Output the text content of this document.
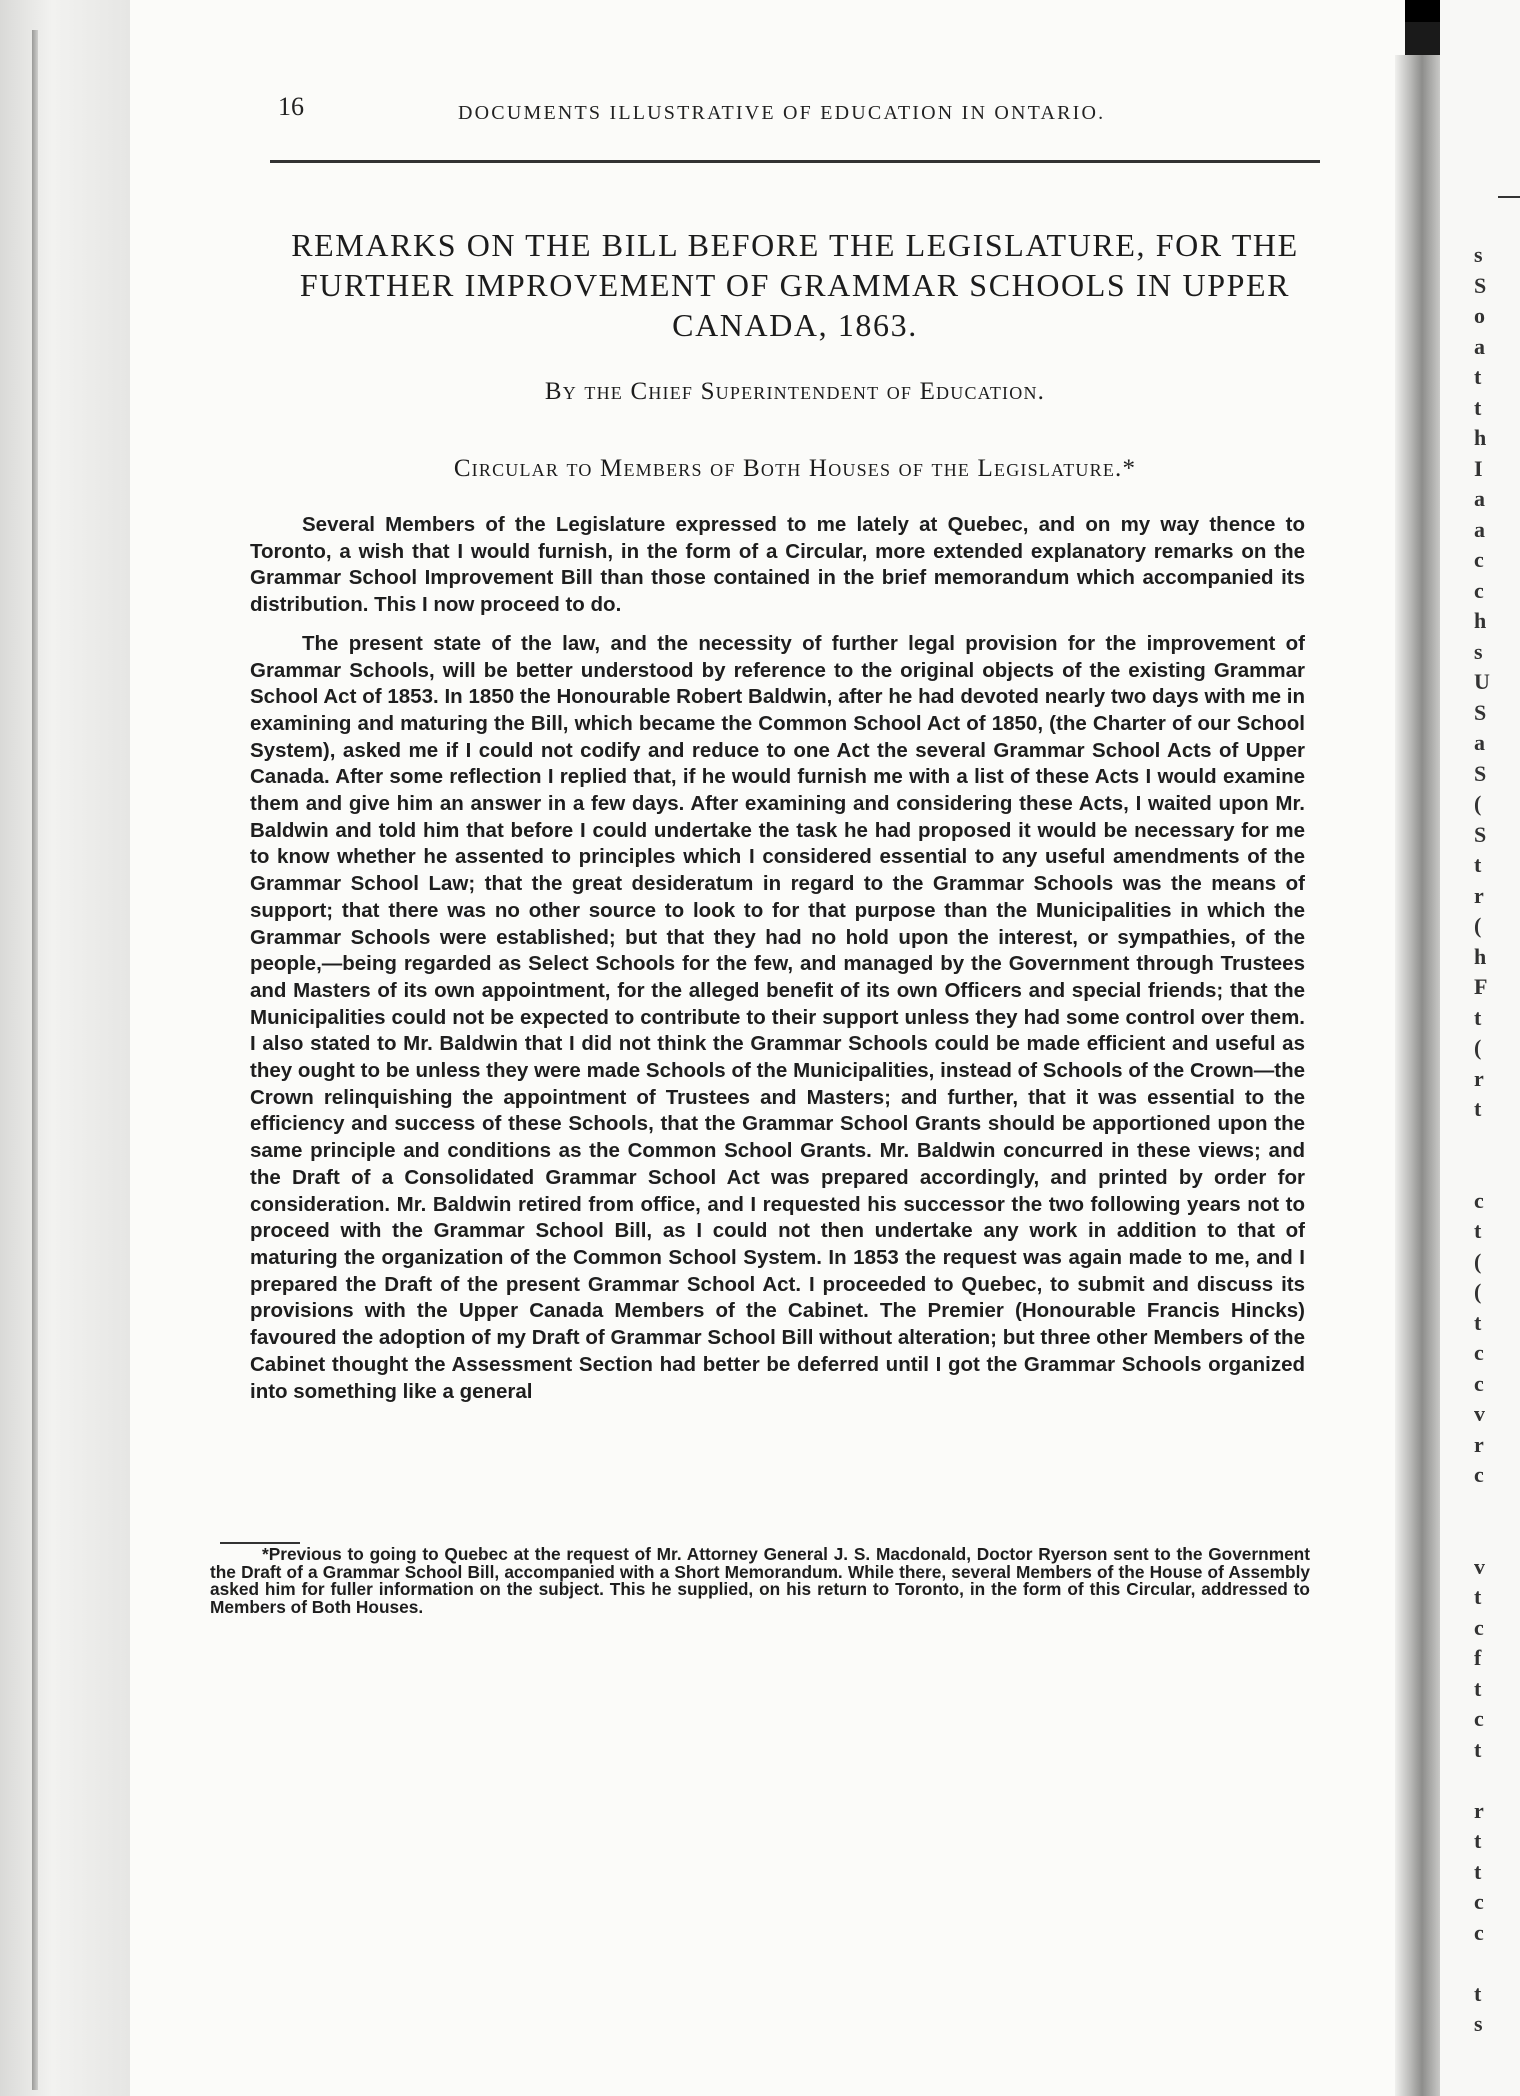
s
S
o
a
t
t
h
I
a
a
c
c
h
s
U
S
a
S
(
S
t
r
(
h
F
t
(
r
t

c
t
(
(
t
c
c
v
r
c

v
t
c
f
t
c
t

r
t
t
c
c

t
s
16	DOCUMENTS ILLUSTRATIVE OF EDUCATION IN ONTARIO.
REMARKS ON THE BILL BEFORE THE LEGISLATURE, FOR THE FURTHER IMPROVEMENT OF GRAMMAR SCHOOLS IN UPPER CANADA, 1863.
By the Chief Superintendent of Education.
Circular to Members of Both Houses of the Legislature.*

Several Members of the Legislature expressed to me lately at Quebec, and on my way thence to Toronto, a wish that I would furnish, in the form of a Circular, more extended explanatory remarks on the Grammar School Improvement Bill than those contained in the brief memorandum which accompanied its distribution. This I now proceed to do.

The present state of the law, and the necessity of further legal provision for the improvement of Grammar Schools, will be better understood by reference to the original objects of the existing Grammar School Act of 1853. In 1850 the Honourable Robert Baldwin, after he had devoted nearly two days with me in examining and maturing the Bill, which became the Common School Act of 1850, (the Charter of our School System), asked me if I could not codify and reduce to one Act the several Grammar School Acts of Upper Canada. After some reflection I replied that, if he would furnish me with a list of these Acts I would examine them and give him an answer in a few days. After examining and considering these Acts, I waited upon Mr. Baldwin and told him that before I could undertake the task he had proposed it would be necessary for me to know whether he assented to principles which I considered essential to any useful amendments of the Grammar School Law; that the great desideratum in regard to the Grammar Schools was the means of support; that there was no other source to look to for that purpose than the Municipalities in which the Grammar Schools were established; but that they had no hold upon the interest, or sympathies, of the people,—being regarded as Select Schools for the few, and managed by the Government through Trustees and Masters of its own appointment, for the alleged benefit of its own Officers and special friends; that the Municipalities could not be expected to contribute to their support unless they had some control over them. I also stated to Mr. Baldwin that I did not think the Grammar Schools could be made efficient and useful as they ought to be unless they were made Schools of the Municipalities, instead of Schools of the Crown—the Crown relinquishing the appointment of Trustees and Masters; and further, that it was essential to the efficiency and success of these Schools, that the Grammar School Grants should be apportioned upon the same principle and conditions as the Common School Grants. Mr. Baldwin concurred in these views; and the Draft of a Consolidated Grammar School Act was prepared accordingly, and printed by order for consideration. Mr. Baldwin retired from office, and I requested his successor the two following years not to proceed with the Grammar School Bill, as I could not then undertake any work in addition to that of maturing the organization of the Common School System. In 1853 the request was again made to me, and I prepared the Draft of the present Grammar School Act. I proceeded to Quebec, to submit and discuss its provisions with the Upper Canada Members of the Cabinet. The Premier (Honourable Francis Hincks) favoured the adoption of my Draft of Grammar School Bill without alteration; but three other Members of the Cabinet thought the Assessment Section had better be deferred until I got the Grammar Schools organized into something like a general

*Previous to going to Quebec at the request of Mr. Attorney General J. S. Macdonald, Doctor Ryerson sent to the Government the Draft of a Grammar School Bill, accompanied with a Short Memorandum. While there, several Members of the House of Assembly asked him for fuller information on the subject. This he supplied, on his return to Toronto, in the form of this Circular, addressed to Members of Both Houses.
